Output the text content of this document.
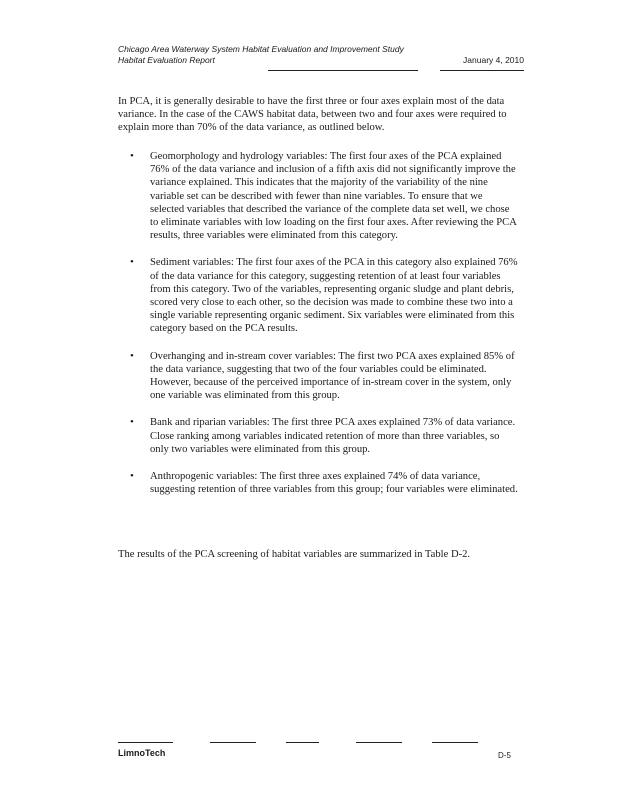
Chicago Area Waterway System Habitat Evaluation and Improvement Study
Habitat Evaluation Report	January 4, 2010

In PCA, it is generally desirable to have the first three or four axes explain most of the data variance. In the case of the CAWS habitat data, between two and four axes were required to explain more than 70% of the data variance, as outlined below.

• Geomorphology and hydrology variables: The first four axes of the PCA explained 76% of the data variance and inclusion of a fifth axis did not significantly improve the variance explained. This indicates that the majority of the variability of the nine variable set can be described with fewer than nine variables. To ensure that we selected variables that described the variance of the complete data set well, we chose to eliminate variables with low loading on the first four axes. After reviewing the PCA results, three variables were eliminated from this category.
• Sediment variables: The first four axes of the PCA in this category also explained 76% of the data variance for this category, suggesting retention of at least four variables from this category. Two of the variables, representing organic sludge and plant debris, scored very close to each other, so the decision was made to combine these two into a single variable representing organic sediment. Six variables were eliminated from this category based on the PCA results.
• Overhanging and in-stream cover variables: The first two PCA axes explained 85% of the data variance, suggesting that two of the four variables could be eliminated. However, because of the perceived importance of in-stream cover in the system, only one variable was eliminated from this group.
• Bank and riparian variables: The first three PCA axes explained 73% of data variance. Close ranking among variables indicated retention of more than three variables, so only two variables were eliminated from this group.
• Anthropogenic variables: The first three axes explained 74% of data variance, suggesting retention of three variables from this group; four variables were eliminated.

The results of the PCA screening of habitat variables are summarized in Table D-2.

LimnoTech	D-5
